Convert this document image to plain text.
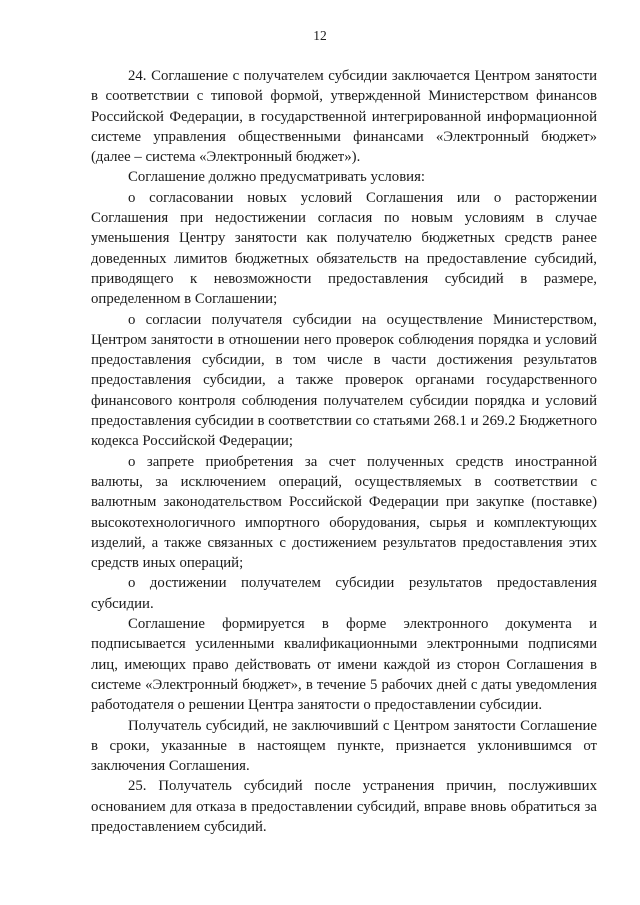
12

24. Соглашение с получателем субсидии заключается Центром занятости в соответствии с типовой формой, утвержденной Министерством финансов Российской Федерации, в государственной интегрированной информационной системе управления общественными финансами «Электронный бюджет» (далее – система «Электронный бюджет»).

Соглашение должно предусматривать условия:

о согласовании новых условий Соглашения или о расторжении Соглашения при недостижении согласия по новым условиям в случае уменьшения Центру занятости как получателю бюджетных средств ранее доведенных лимитов бюджетных обязательств на предоставление субсидий, приводящего к невозможности предоставления субсидий в размере, определенном в Соглашении;

о согласии получателя субсидии на осуществление Министерством, Центром занятости в отношении него проверок соблюдения порядка и условий предоставления субсидии, в том числе в части достижения результатов предоставления субсидии, а также проверок органами государственного финансового контроля соблюдения получателем субсидии порядка и условий предоставления субсидии в соответствии со статьями 268.1 и 269.2 Бюджетного кодекса Российской Федерации;

о запрете приобретения за счет полученных средств иностранной валюты, за исключением операций, осуществляемых в соответствии с валютным законодательством Российской Федерации при закупке (поставке) высокотехнологичного импортного оборудования, сырья и комплектующих изделий, а также связанных с достижением результатов предоставления этих средств иных операций;

о достижении получателем субсидии результатов предоставления субсидии.

Соглашение формируется в форме электронного документа и подписывается усиленными квалификационными электронными подписями лиц, имеющих право действовать от имени каждой из сторон Соглашения в системе «Электронный бюджет», в течение 5 рабочих дней с даты уведомления работодателя о решении Центра занятости о предоставлении субсидии.

Получатель субсидий, не заключивший с Центром занятости Соглашение в сроки, указанные в настоящем пункте, признается уклонившимся от заключения Соглашения.

25. Получатель субсидий после устранения причин, послуживших основанием для отказа в предоставлении субсидий, вправе вновь обратиться за предоставлением субсидий.
